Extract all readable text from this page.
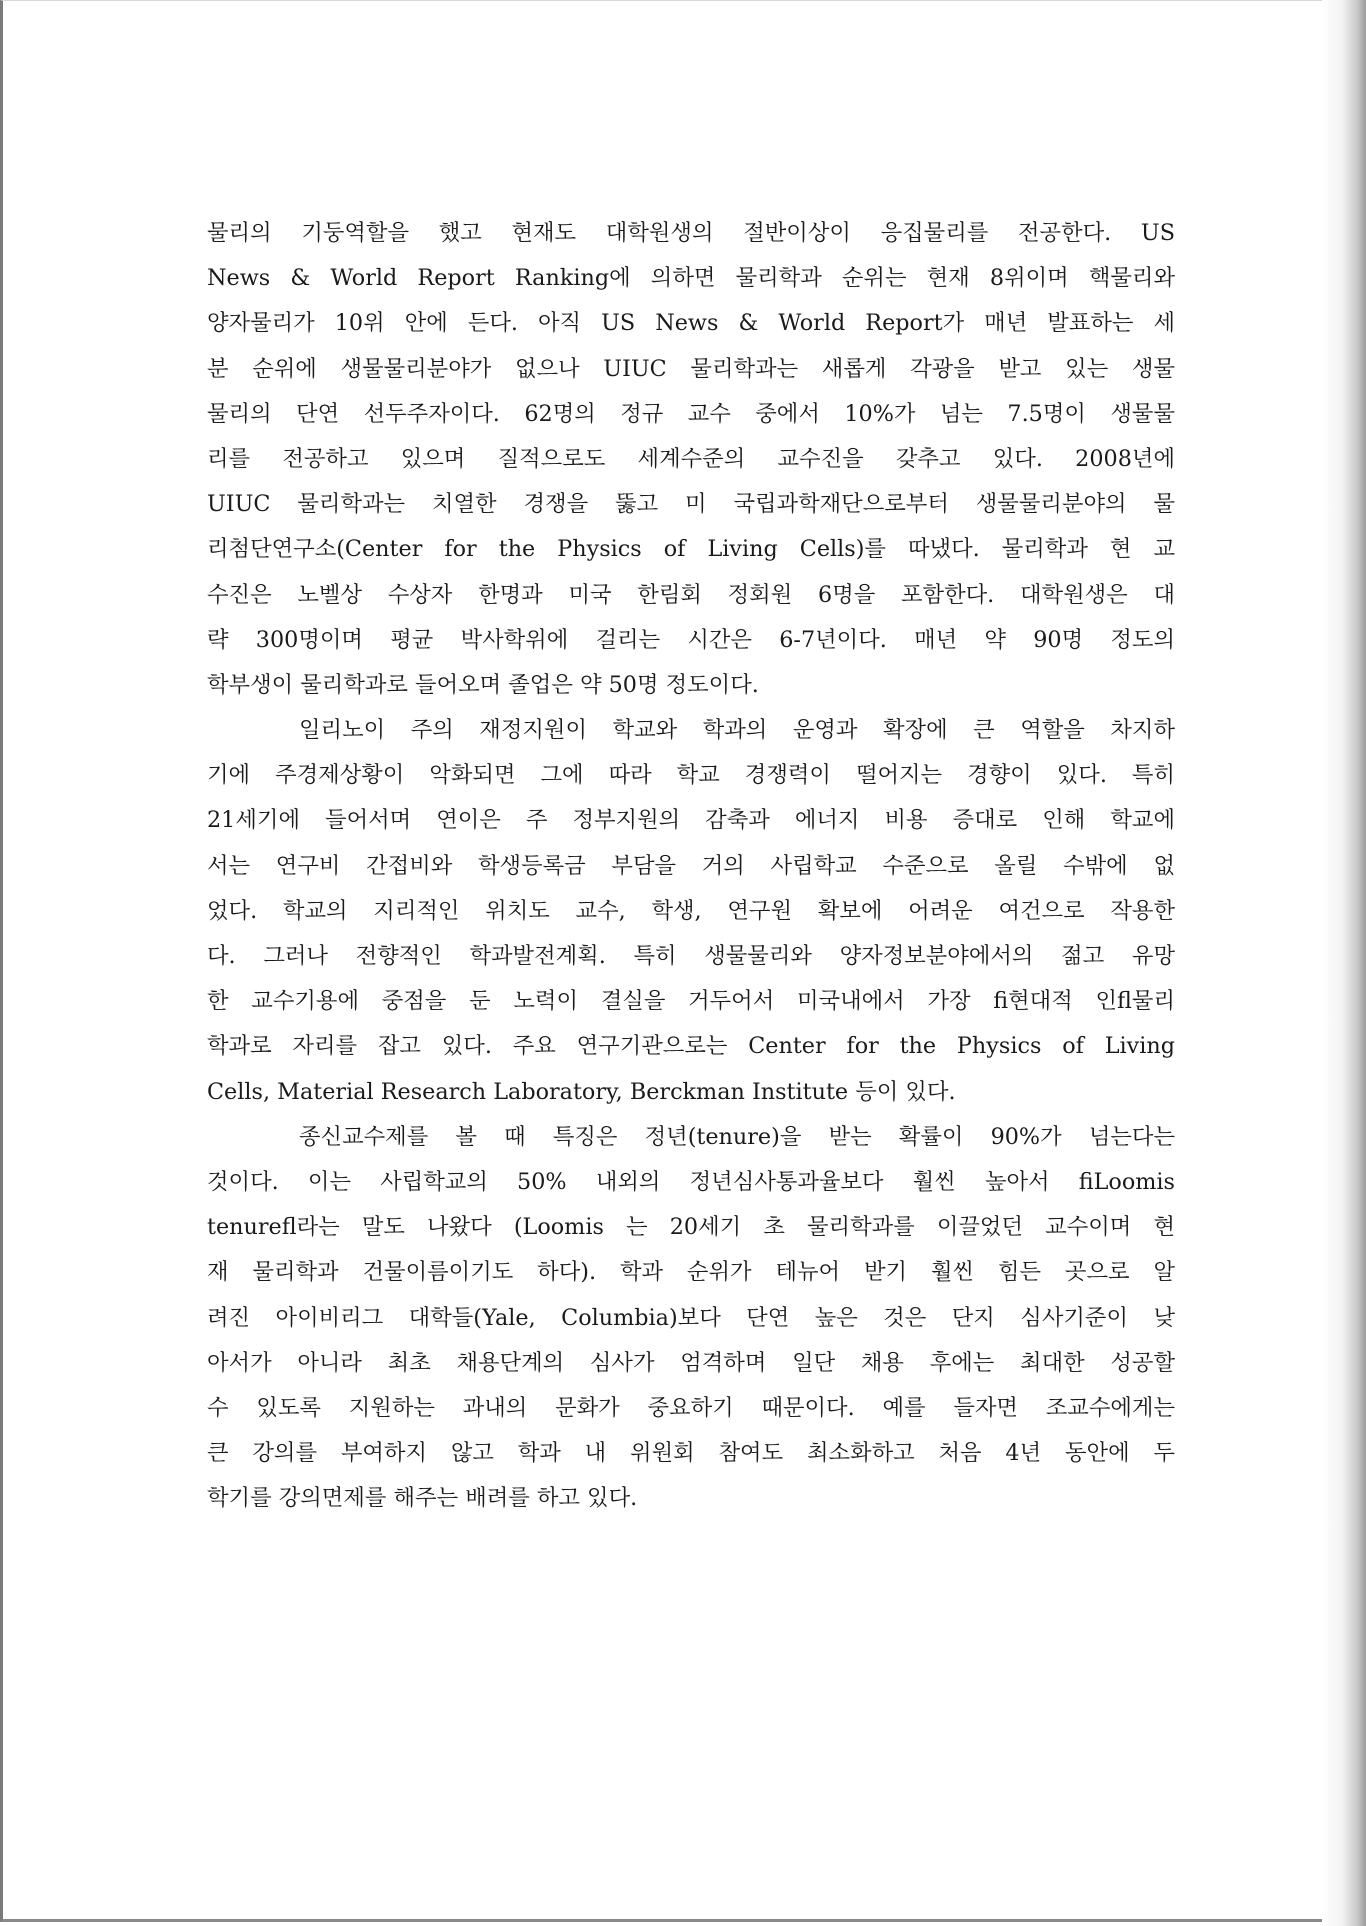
물리의 기둥역할을 했고 현재도 대학원생의 절반이상이 응집물리를 전공한다. US
News & World Report Ranking에 의하면 물리학과 순위는 현재 8위이며 핵물리와
양자물리가 10위 안에 든다. 아직 US News & World Report가 매년 발표하는 세
분 순위에 생물물리분야가 없으나 UIUC 물리학과는 새롭게 각광을 받고 있는 생물
물리의 단연 선두주자이다. 62명의 정규 교수 중에서 10%가 넘는 7.5명이 생물물
리를 전공하고 있으며 질적으로도 세계수준의 교수진을 갖추고 있다. 2008년에
UIUC 물리학과는 치열한 경쟁을 뚫고 미 국립과학재단으로부터 생물물리분야의 물
리첨단연구소(Center for the Physics of Living Cells)를 따냈다. 물리학과 현 교
수진은 노벨상 수상자 한명과 미국 한림회 정회원 6명을 포함한다. 대학원생은 대
략 300명이며 평균 박사학위에 걸리는 시간은 6-7년이다. 매년 약 90명 정도의
학부생이 물리학과로 들어오며 졸업은 약 50명 정도이다.

일리노이 주의 재정지원이 학교와 학과의 운영과 확장에 큰 역할을 차지하
기에 주경제상황이 악화되면 그에 따라 학교 경쟁력이 떨어지는 경향이 있다. 특히
21세기에 들어서며 연이은 주 정부지원의 감축과 에너지 비용 증대로 인해 학교에
서는 연구비 간접비와 학생등록금 부담을 거의 사립학교 수준으로 올릴 수밖에 없
었다. 학교의 지리적인 위치도 교수, 학생, 연구원 확보에 어려운 여건으로 작용한
다. 그러나 전향적인 학과발전계획. 특히 생물물리와 양자정보분야에서의 젊고 유망
한 교수기용에 중점을 둔 노력이 결실을 거두어서 미국내에서 가장 ﬁ현대적 인ﬂ물리
학과로 자리를 잡고 있다. 주요 연구기관으로는 Center for the Physics of Living
Cells, Material Research Laboratory, Berckman Institute 등이 있다.

종신교수제를 볼 때 특징은 정년(tenure)을 받는 확률이 90%가 넘는다는
것이다. 이는 사립학교의 50% 내외의 정년심사통과율보다 훨씬 높아서 ﬁLoomis
tenureﬂ라는 말도 나왔다 (Loomis 는 20세기 초 물리학과를 이끌었던 교수이며 현
재 물리학과 건물이름이기도 하다). 학과 순위가 테뉴어 받기 훨씬 힘든 곳으로 알
려진 아이비리그 대학들(Yale, Columbia)보다 단연 높은 것은 단지 심사기준이 낮
아서가 아니라 최초 채용단계의 심사가 엄격하며 일단 채용 후에는 최대한 성공할
수 있도록 지원하는 과내의 문화가 중요하기 때문이다. 예를 들자면 조교수에게는
큰 강의를 부여하지 않고 학과 내 위원회 참여도 최소화하고 처음 4년 동안에 두
학기를 강의면제를 해주는 배려를 하고 있다.
